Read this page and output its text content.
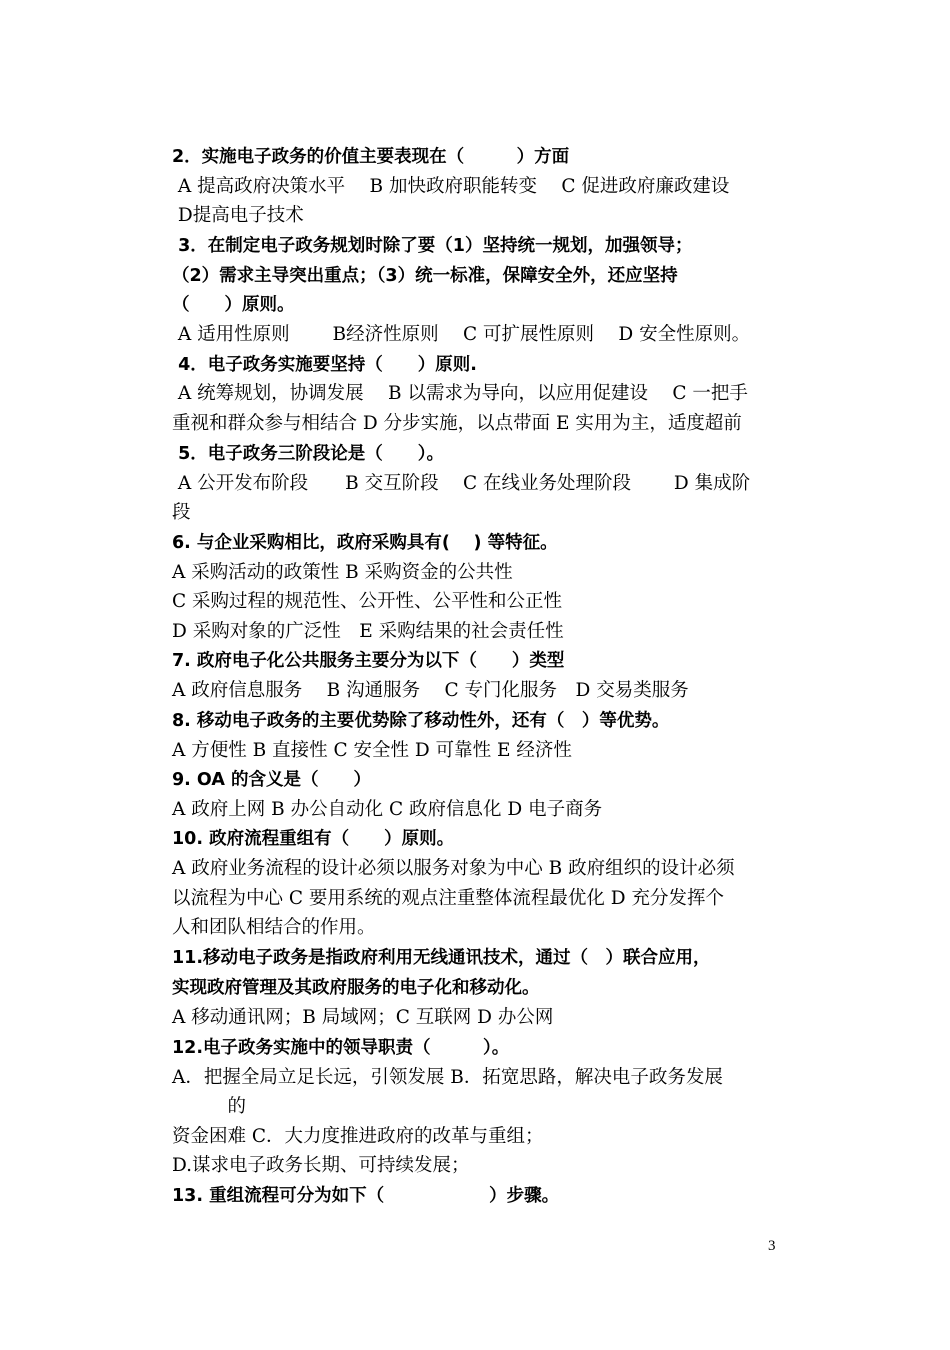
2．实施电子政务的价值主要表现在（　　　）方面
A 提高政府决策水平　 B 加快政府职能转变　 C 促进政府廉政建设
D提高电子技术
3．在制定电子政务规划时除了要（1）坚持统一规划，加强领导；
（2）需求主导突出重点；（3）统一标准，保障安全外，还应坚持
（　　）原则。
A 适用性原则　　 B经济性原则　 C 可扩展性原则　 D 安全性原则。
4．电子政务实施要坚持（　　）原则.
A 统筹规划，协调发展　 B 以需求为导向，以应用促建设　 C 一把手
重视和群众参与相结合 D 分步实施，以点带面 E 实用为主，适度超前
5．电子政务三阶段论是（　　）。
A 公开发布阶段　　B 交互阶段　 C 在线业务处理阶段　　 D 集成阶
段
6. 与企业采购相比，政府采购具有(　 ) 等特征。
A 采购活动的政策性 B 采购资金的公共性
C 采购过程的规范性、公开性、公平性和公正性
D 采购对象的广泛性　E 采购结果的社会责任性
7. 政府电子化公共服务主要分为以下（　　）类型
A 政府信息服务　 B 沟通服务　 C 专门化服务　D 交易类服务
8. 移动电子政务的主要优势除了移动性外，还有（　）等优势。
A 方便性 B 直接性 C 安全性 D 可靠性 E 经济性
9. OA 的含义是（　　）
A 政府上网 B 办公自动化 C 政府信息化 D 电子商务
10. 政府流程重组有（　　）原则。
A 政府业务流程的设计必须以服务对象为中心 B 政府组织的设计必须
以流程为中心 C 要用系统的观点注重整体流程最优化 D 充分发挥个
人和团队相结合的作用。
11.移动电子政务是指政府利用无线通讯技术，通过（　）联合应用，
实现政府管理及其政府服务的电子化和移动化。
A 移动通讯网；B 局域网；C 互联网 D 办公网
12.电子政务实施中的领导职责（　　　）。
A．把握全局立足长远，引领发展 B．拓宽思路，解决电子政务发展
　　　的
资金困难 C．大力度推进政府的改革与重组；
D.谋求电子政务长期、可持续发展；
13. 重组流程可分为如下（　　　　　　）步骤。
3
